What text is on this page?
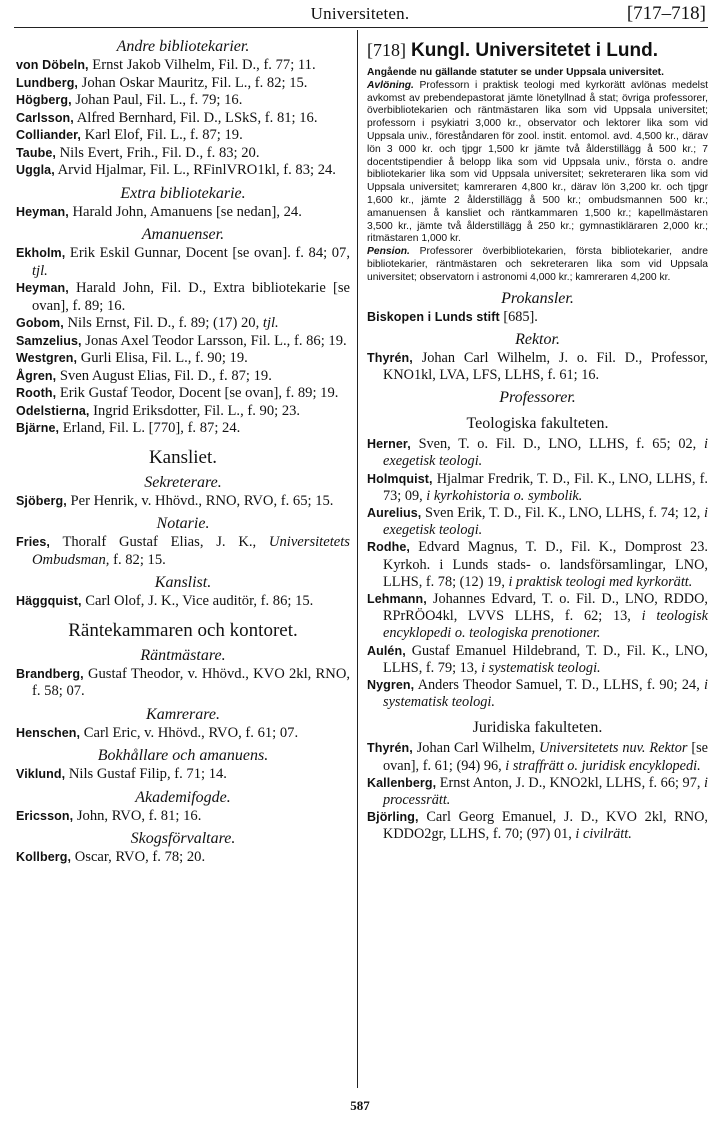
Universiteten.	[717–718]
Andre bibliotekarier.

von Döbeln, Ernst Jakob Vilhelm, Fil. D., f. 77; 11.

Lundberg, Johan Oskar Mauritz, Fil. L., f. 82; 15.

Högberg, Johan Paul, Fil. L., f. 79; 16.

Carlsson, Alfred Bernhard, Fil. D., LSkS, f. 81; 16.

Colliander, Karl Elof, Fil. L., f. 87; 19.

Taube, Nils Evert, Frih., Fil. D., f. 83; 20.

Uggla, Arvid Hjalmar, Fil. L., RFinlVRO1kl, f. 83; 24.

Extra bibliotekarie.

Heyman, Harald John, Amanuens [se nedan], 24.

Amanuenser.

Ekholm, Erik Eskil Gunnar, Docent [se ovan]. f. 84; 07, tjl.

Heyman, Harald John, Fil. D., Extra bibliotekarie [se ovan], f. 89; 16.

Gobom, Nils Ernst, Fil. D., f. 89; (17) 20, tjl.

Samzelius, Jonas Axel Teodor Larsson, Fil. L., f. 86; 19.

Westgren, Gurli Elisa, Fil. L., f. 90; 19.

Ågren, Sven August Elias, Fil. D., f. 87; 19.

Rooth, Erik Gustaf Teodor, Docent [se ovan], f. 89; 19.

Odelstierna, Ingrid Eriksdotter, Fil. L., f. 90; 23.

Bjärne, Erland, Fil. L. [770], f. 87; 24.

Kansliet.
Sekreterare.

Sjöberg, Per Henrik, v. Hhövd., RNO, RVO, f. 65; 15.

Notarie.

Fries, Thoralf Gustaf Elias, J. K., Universitetets Ombudsman, f. 82; 15.

Kanslist.

Häggquist, Carl Olof, J. K., Vice auditör, f. 86; 15.

Räntekammaren och kontoret.
Räntmästare.

Brandberg, Gustaf Theodor, v. Hhövd., KVO 2kl, RNO, f. 58; 07.

Kamrerare.

Henschen, Carl Eric, v. Hhövd., RVO, f. 61; 07.

Bokhållare och amanuens.

Viklund, Nils Gustaf Filip, f. 71; 14.

Akademifogde.

Ericsson, John, RVO, f. 81; 16.

Skogsförvaltare.

Kollberg, Oscar, RVO, f. 78; 20.

[718] Kungl. Universitetet i Lund.

Angående nu gällande statuter se under Uppsala universitet.

Avlöning. Professorn i praktisk teologi med kyrkorätt avlönas medelst avkomst av prebendepastorat jämte lönetyllnad å stat; övriga professorer, överbibliotekarien och räntmästaren lika som vid Uppsala universitet; professorn i psykiatri 3,000 kr., observator och lektorer lika som vid Uppsala univ., föreståndaren för zool. instit. entomol. avd. 4,500 kr., därav lön 3 000 kr. och tjpgr 1,500 kr jämte två ålderstillägg å 500 kr.; 7 docentstipendier å belopp lika som vid Uppsala univ., första o. andre bibliotekarier lika som vid Uppsala universitet; sekreteraren lika som vid Uppsala universitet; kamreraren 4,800 kr., därav lön 3,200 kr. och tjpgr 1,600 kr., jämte 2 ålderstillägg å 500 kr.; ombudsmannen 500 kr.; amanuensen å kansliet och räntkammaren 1,500 kr.; kapellmästaren 3,500 kr., jämte två ålderstillägg å 250 kr.; gymnastikläraren 2,000 kr.; ritmästaren 1,000 kr.

Pension. Professorer överbibliotekarien, första bibliotekarier, andre bibliotekarier, räntmästaren och sekreteraren lika som vid Uppsala universitet; observatorn i astronomi 4,000 kr.; kamreraren 4,200 kr.

Prokansler.

Biskopen i Lunds stift [685].

Rektor.

Thyrén, Johan Carl Wilhelm, J. o. Fil. D., Professor, KNO1kl, LVA, LFS, LLHS, f. 61; 16.

Professorer.
Teologiska fakulteten.

Herner, Sven, T. o. Fil. D., LNO, LLHS, f. 65; 02, i exegetisk teologi.

Holmquist, Hjalmar Fredrik, T. D., Fil. K., LNO, LLHS, f. 73; 09, i kyrkohistoria o. symbolik.

Aurelius, Sven Erik, T. D., Fil. K., LNO, LLHS, f. 74; 12, i exegetisk teologi.

Rodhe, Edvard Magnus, T. D., Fil. K., Domprost 23. Kyrkoh. i Lunds stads- o. landsförsamlingar, LNO, LLHS, f. 78; (12) 19, i praktisk teologi med kyrkorätt.

Lehmann, Johannes Edvard, T. o. Fil. D., LNO, RDDO, RPrRÖO4kl, LVVS LLHS, f. 62; 13, i teologisk encyklopedi o. teologiska prenotioner.

Aulén, Gustaf Emanuel Hildebrand, T. D., Fil. K., LNO, LLHS, f. 79; 13, i systematisk teologi.

Nygren, Anders Theodor Samuel, T. D., LLHS, f. 90; 24, i systematisk teologi.

Juridiska fakulteten.

Thyrén, Johan Carl Wilhelm, Universitetets nuv. Rektor [se ovan], f. 61; (94) 96, i straffrätt o. juridisk encyklopedi.

Kallenberg, Ernst Anton, J. D., KNO2kl, LLHS, f. 66; 97, i processrätt.

Björling, Carl Georg Emanuel, J. D., KVO 2kl, RNO, KDDO2gr, LLHS, f. 70; (97) 01, i civilrätt.

587
